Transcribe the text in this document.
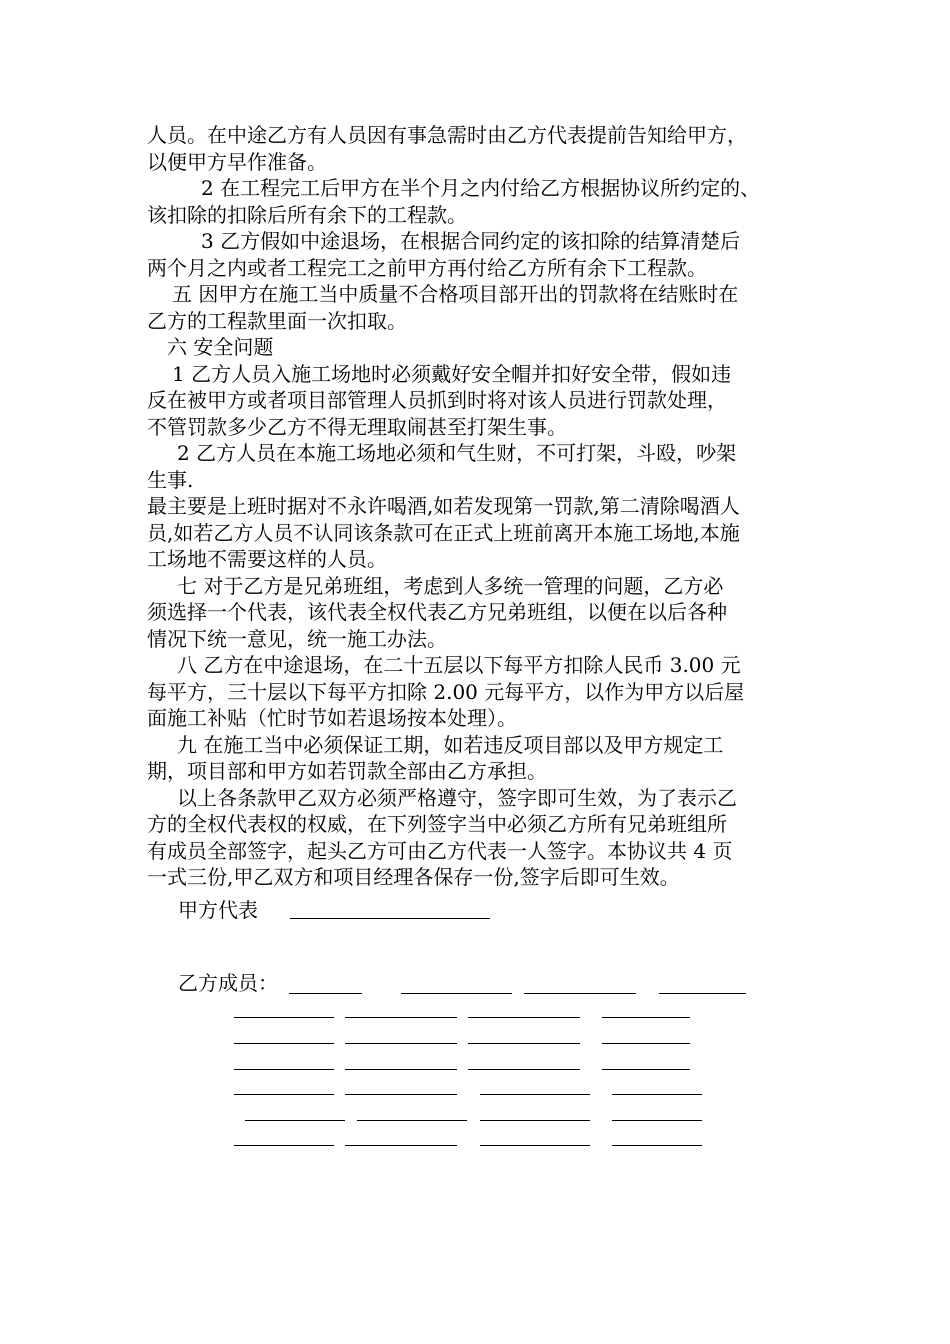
人员。在中途乙方有人员因有事急需时由乙方代表提前告知给甲方，
以便甲方早作准备。
2 在工程完工后甲方在半个月之内付给乙方根据协议所约定的、
该扣除的扣除后所有余下的工程款。
3 乙方假如中途退场，在根据合同约定的该扣除的结算清楚后
两个月之内或者工程完工之前甲方再付给乙方所有余下工程款。
五 因甲方在施工当中质量不合格项目部开出的罚款将在结账时在
乙方的工程款里面一次扣取。
六 安全问题
1 乙方人员入施工场地时必须戴好安全帽并扣好安全带，假如违
反在被甲方或者项目部管理人员抓到时将对该人员进行罚款处理，
不管罚款多少乙方不得无理取闹甚至打架生事。
2 乙方人员在本施工场地必须和气生财，不可打架，斗殴，吵架
生事.
最主要是上班时据对不永许喝酒,如若发现第一罚款,第二清除喝酒人
员,如若乙方人员不认同该条款可在正式上班前离开本施工场地,本施
工场地不需要这样的人员。
七 对于乙方是兄弟班组，考虑到人多统一管理的问题，乙方必
须选择一个代表，该代表全权代表乙方兄弟班组，以便在以后各种
情况下统一意见，统一施工办法。
八 乙方在中途退场，在二十五层以下每平方扣除人民币 3.00 元
每平方，三十层以下每平方扣除 2.00 元每平方，以作为甲方以后屋
面施工补贴（忙时节如若退场按本处理）。
九 在施工当中必须保证工期，如若违反项目部以及甲方规定工
期，项目部和甲方如若罚款全部由乙方承担。
以上各条款甲乙双方必须严格遵守，签字即可生效，为了表示乙
方的全权代表权的权威，在下列签字当中必须乙方所有兄弟班组所
有成员全部签字，起头乙方可由乙方代表一人签字。本协议共 4 页
一式三份,甲乙双方和项目经理各保存一份,签字后即可生效。
甲方代表
乙方成员：
